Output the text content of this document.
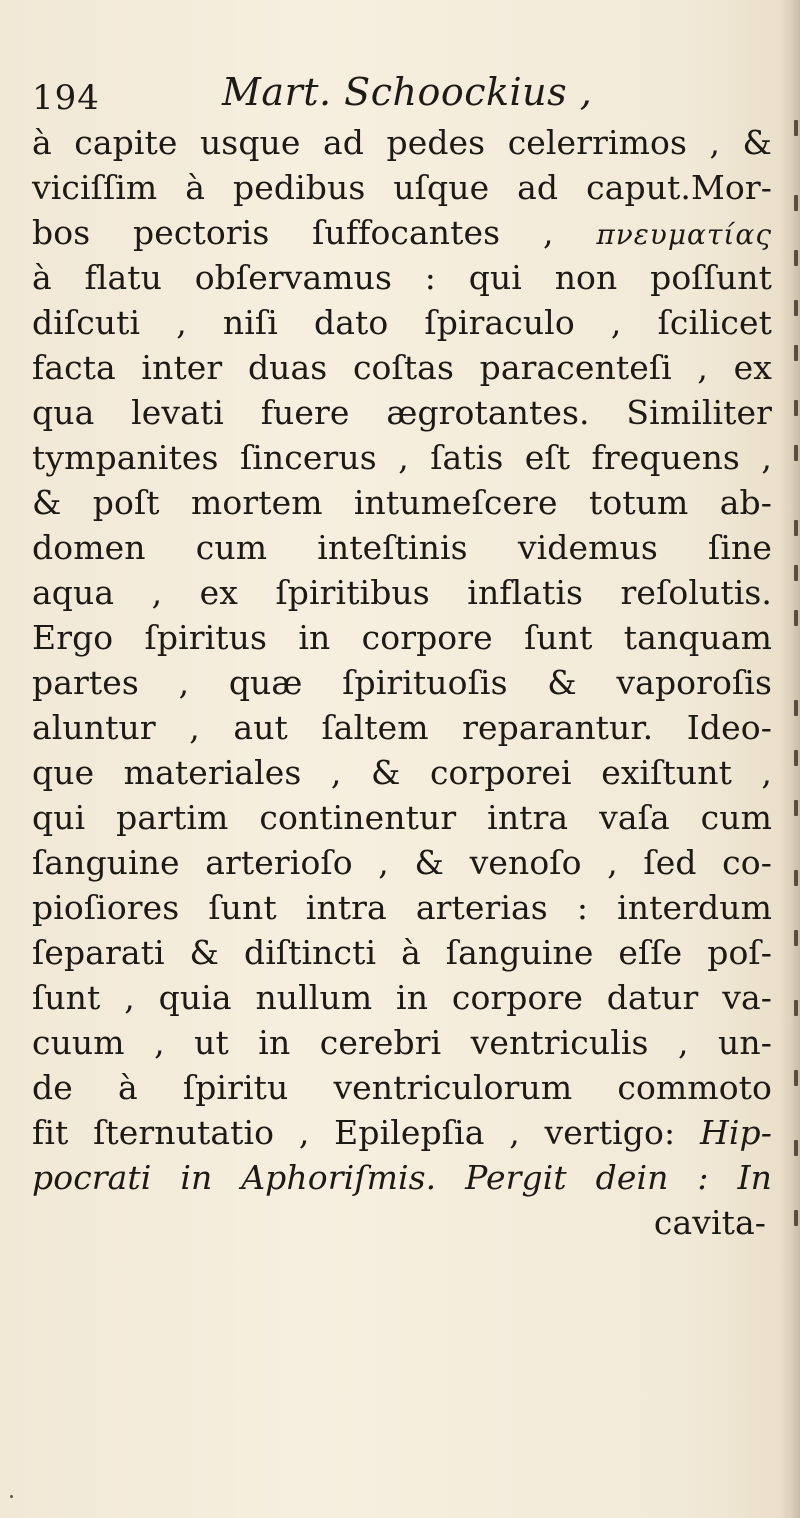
194	Mart. Schoockius ,
à capite usque ad pedes celerrimos , &
viciſſim à pedibus uſque ad caput.Mor-
bos pectoris ſuffocantes , πνευματίας
à flatu obſervamus : qui non poſſunt
diſcuti , niſi dato ſpiraculo , ſcilicet
facta inter duas coſtas paracenteſi , ex
qua levati fuere ægrotantes. Similiter
tympanites ſincerus , ſatis eſt frequens ,
& poſt mortem intumeſcere totum ab-
domen cum inteſtinis videmus ſine
aqua , ex ſpiritibus inflatis reſolutis.
Ergo ſpiritus in corpore ſunt tanquam
partes , quæ ſpirituoſis & vaporoſis
aluntur , aut ſaltem reparantur. Ideo-
que materiales , & corporei exiſtunt ,
qui partim continentur intra vaſa cum
ſanguine arterioſo , & venoſo , ſed co-
pioſiores ſunt intra arterias : interdum
ſeparati & diſtincti à ſanguine eſſe poſ-
ſunt , quia nullum in corpore datur va-
cuum , ut in cerebri ventriculis , un-
de à ſpiritu ventriculorum commoto
fit ſternutatio , Epilepſia , vertigo: Hip-
pocrati in Aphoriſmis. Pergit dein : In
cavita-
